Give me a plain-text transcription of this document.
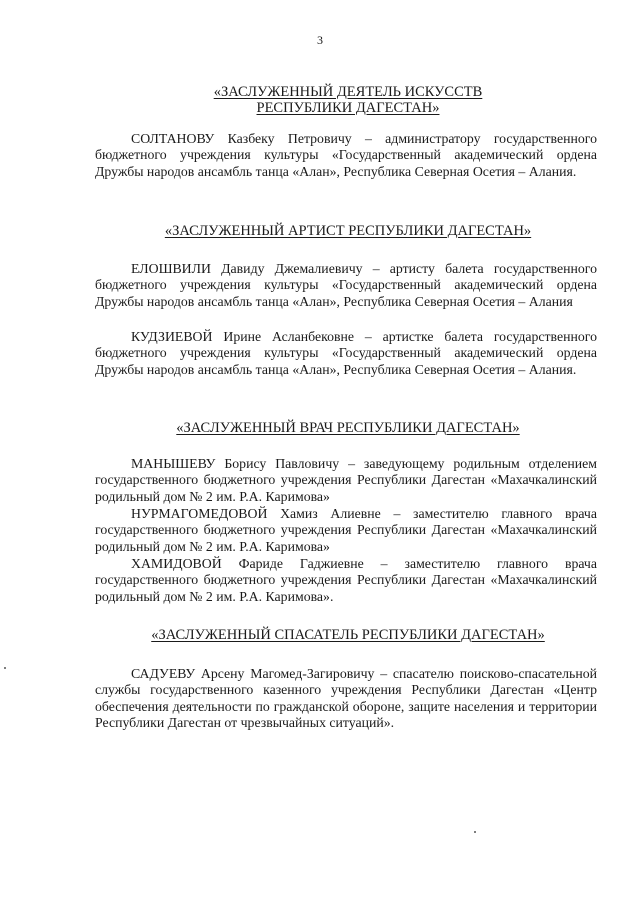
3
«ЗАСЛУЖЕННЫЙ ДЕЯТЕЛЬ ИСКУССТВ
РЕСПУБЛИКИ ДАГЕСТАН»
СОЛТАНОВУ Казбеку Петровичу – администратору государственного бюджетного учреждения культуры «Государственный академический ордена Дружбы народов ансамбль танца «Алан», Республика Северная Осетия – Алания.
«ЗАСЛУЖЕННЫЙ АРТИСТ РЕСПУБЛИКИ ДАГЕСТАН»
ЕЛОШВИЛИ Давиду Джемалиевичу – артисту балета государственного бюджетного учреждения культуры «Государственный академический ордена Дружбы народов ансамбль танца «Алан», Республика Северная Осетия – Алания
КУДЗИЕВОЙ Ирине Асланбековне – артистке балета государственного бюджетного учреждения культуры «Государственный академический ордена Дружбы народов ансамбль танца «Алан», Республика Северная Осетия – Алания.
«ЗАСЛУЖЕННЫЙ ВРАЧ РЕСПУБЛИКИ ДАГЕСТАН»
МАНЫШЕВУ Борису Павловичу – заведующему родильным отделением государственного бюджетного учреждения Республики Дагестан «Махачкалинский родильный дом № 2 им. Р.А. Каримова»
НУРМАГОМЕДОВОЙ Хамиз Алиевне – заместителю главного врача государственного бюджетного учреждения Республики Дагестан «Махачкалинский родильный дом № 2 им. Р.А. Каримова»
ХАМИДОВОЙ Фариде Гаджиевне – заместителю главного врача государственного бюджетного учреждения Республики Дагестан «Махачкалинский родильный дом № 2 им. Р.А. Каримова».
«ЗАСЛУЖЕННЫЙ СПАСАТЕЛЬ РЕСПУБЛИКИ ДАГЕСТАН»
САДУЕВУ Арсену Магомед-Загировичу – спасателю поисково-спасательной службы государственного казенного учреждения Республики Дагестан «Центр обеспечения деятельности по гражданской обороне, защите населения и территории Республики Дагестан от чрезвычайных ситуаций».
